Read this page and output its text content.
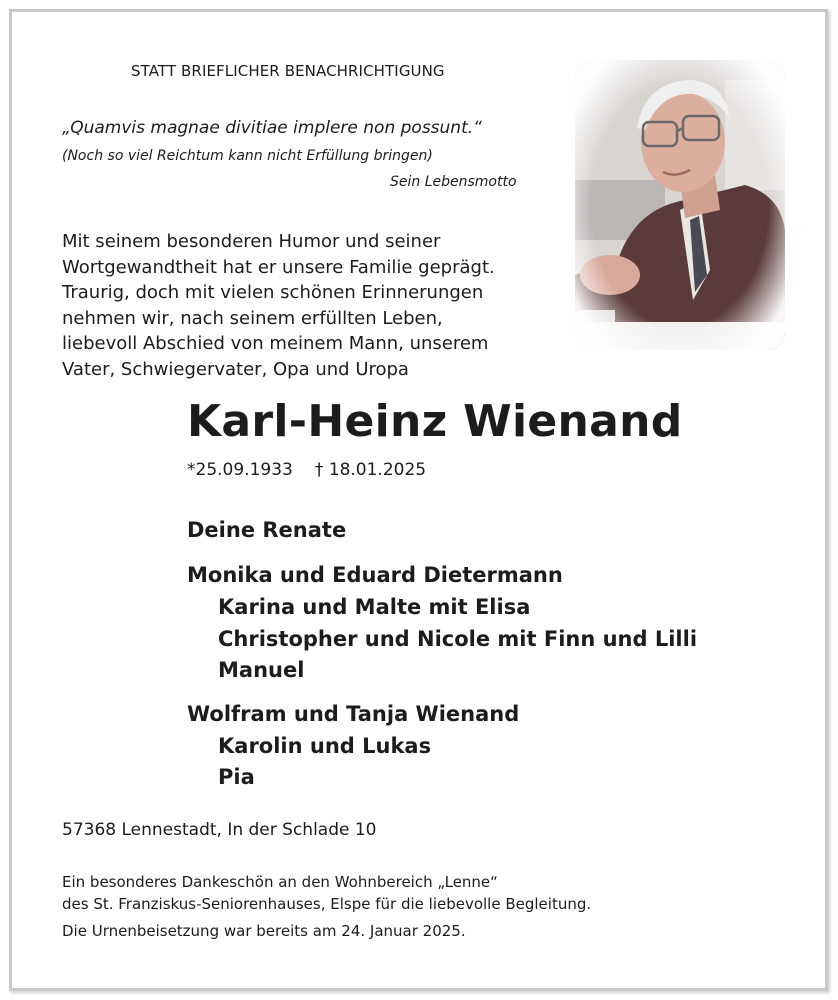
STATT BRIEFLICHER BENACHRICHTIGUNG

„Quamvis magnae divitiae implere non possunt.“

(Noch so viel Reichtum kann nicht Erfüllung bringen)

Sein Lebensmotto

Mit seinem besonderen Humor und seiner
Wortgewandtheit hat er unsere Familie geprägt.
Traurig, doch mit vielen schönen Erinnerungen
nehmen wir, nach seinem erfüllten Leben,
liebevoll Abschied von meinem Mann, unserem
Vater, Schwiegervater, Opa und Uropa

Karl-Heinz Wienand

*25.09.1933 † 18.01.2025

Deine Renate

Monika und Eduard Dietermann

Karina und Malte mit Elisa

Christopher und Nicole mit Finn und Lilli

Manuel

Wolfram und Tanja Wienand

Karolin und Lukas

Pia

57368 Lennestadt, In der Schlade 10

Ein besonderes Dankeschön an den Wohnbereich „Lenne“
des St. Franziskus-Seniorenhauses, Elspe für die liebevolle Begleitung.

Die Urnenbeisetzung war bereits am 24. Januar 2025.
